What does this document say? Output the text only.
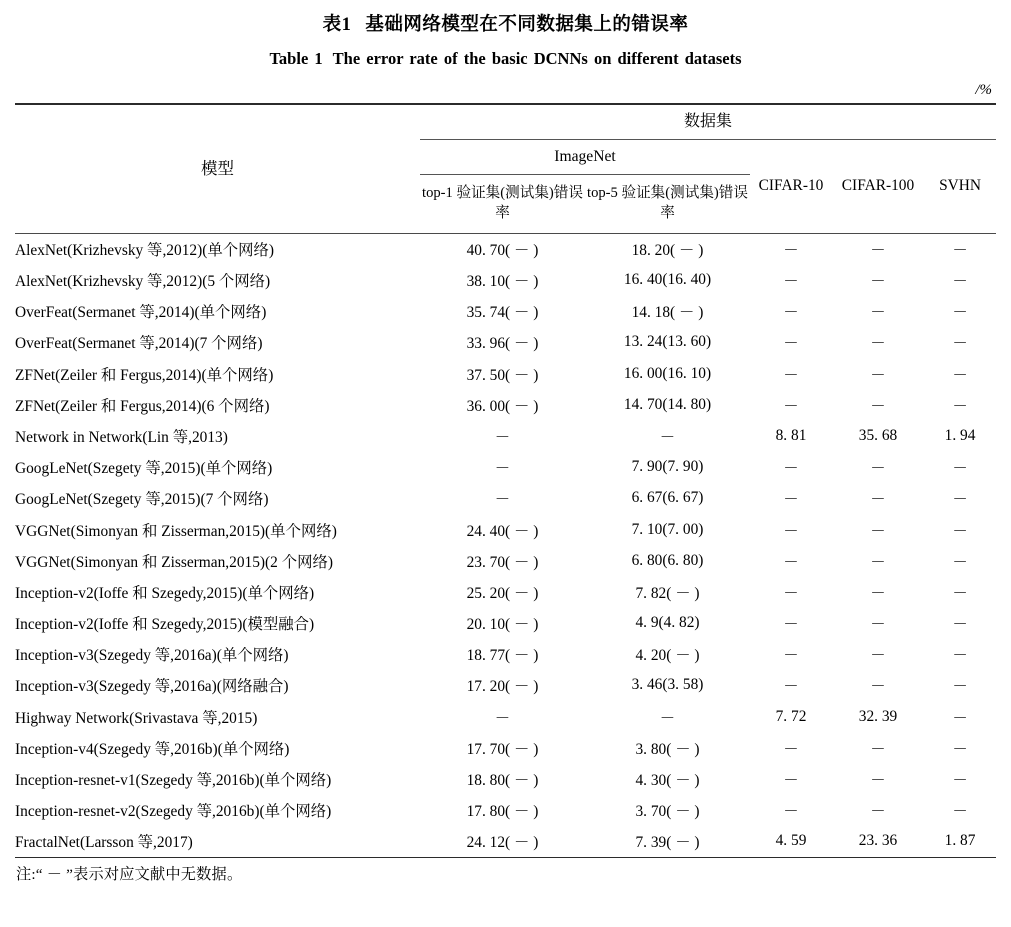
表1 基础网络模型在不同数据集上的错误率
Table 1 The error rate of the basic DCNNs on different datasets
/%
模型	数据集				

	ImageNet		CIFAR-10	CIFAR-100	SVHN

	top-1 验证集(测试集)错误率	top-5 验证集(测试集)错误率			

AlexNet(Krizhevsky 等,2012)(单个网络)	40. 70( － )	18. 20( － )	－	－	－
AlexNet(Krizhevsky 等,2012)(5 个网络)	38. 10( － )	16. 40(16. 40)	－	－	－
OverFeat(Sermanet 等,2014)(单个网络)	35. 74( － )	14. 18( － )	－	－	－
OverFeat(Sermanet 等,2014)(7 个网络)	33. 96( － )	13. 24(13. 60)	－	－	－
ZFNet(Zeiler 和 Fergus,2014)(单个网络)	37. 50( － )	16. 00(16. 10)	－	－	－
ZFNet(Zeiler 和 Fergus,2014)(6 个网络)	36. 00( － )	14. 70(14. 80)	－	－	－
Network in Network(Lin 等,2013)	－	－	8. 81	35. 68	1. 94
GoogLeNet(Szegety 等,2015)(单个网络)	－	7. 90(7. 90)	－	－	－
GoogLeNet(Szegety 等,2015)(7 个网络)	－	6. 67(6. 67)	－	－	－
VGGNet(Simonyan 和 Zisserman,2015)(单个网络)	24. 40( － )	7. 10(7. 00)	－	－	－
VGGNet(Simonyan 和 Zisserman,2015)(2 个网络)	23. 70( － )	6. 80(6. 80)	－	－	－
Inception-v2(Ioffe 和 Szegedy,2015)(单个网络)	25. 20( － )	7. 82( － )	－	－	－
Inception-v2(Ioffe 和 Szegedy,2015)(模型融合)	20. 10( － )	4. 9(4. 82)	－	－	－
Inception-v3(Szegedy 等,2016a)(单个网络)	18. 77( － )	4. 20( － )	－	－	－
Inception-v3(Szegedy 等,2016a)(网络融合)	17. 20( － )	3. 46(3. 58)	－	－	－
Highway Network(Srivastava 等,2015)	－	－	7. 72	32. 39	－
Inception-v4(Szegedy 等,2016b)(单个网络)	17. 70( － )	3. 80( － )	－	－	－
Inception-resnet-v1(Szegedy 等,2016b)(单个网络)	18. 80( － )	4. 30( － )	－	－	－
Inception-resnet-v2(Szegedy 等,2016b)(单个网络)	17. 80( － )	3. 70( － )	－	－	－
FractalNet(Larsson 等,2017)	24. 12( － )	7. 39( － )	4. 59	23. 36	1. 87
注:“ － ”表示对应文献中无数据。
